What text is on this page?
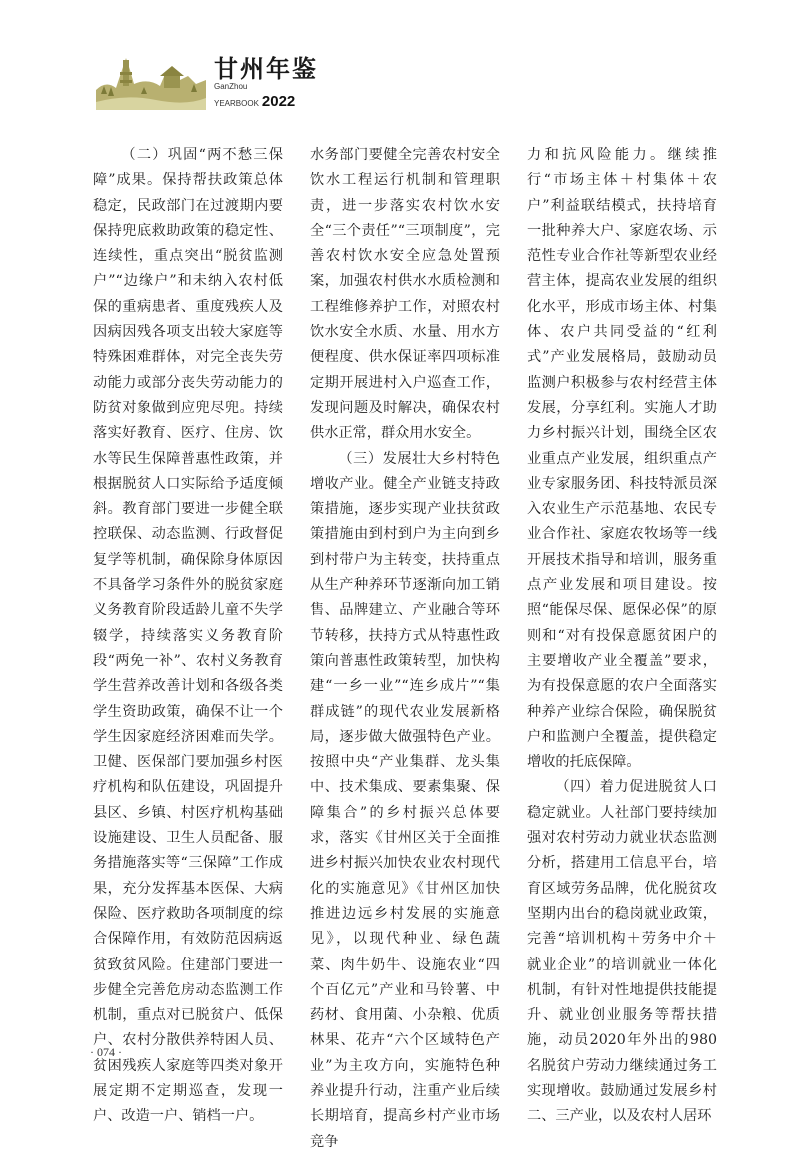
甘州年鉴
GanZhou
YEARBOOK 2022

（二）巩固“两不愁三保障”成果。保持帮扶政策总体稳定，民政部门在过渡期内要保持兜底救助政策的稳定性、连续性，重点突出“脱贫监测户”“边缘户”和未纳入农村低保的重病患者、重度残疾人及因病因残各项支出较大家庭等特殊困难群体，对完全丧失劳动能力或部分丧失劳动能力的防贫对象做到应兜尽兜。持续落实好教育、医疗、住房、饮水等民生保障普惠性政策，并根据脱贫人口实际给予适度倾斜。教育部门要进一步健全联控联保、动态监测、行政督促复学等机制，确保除身体原因不具备学习条件外的脱贫家庭义务教育阶段适龄儿童不失学辍学，持续落实义务教育阶段“两免一补”、农村义务教育学生营养改善计划和各级各类学生资助政策，确保不让一个学生因家庭经济困难而失学。卫健、医保部门要加强乡村医疗机构和队伍建设，巩固提升县区、乡镇、村医疗机构基础设施建设、卫生人员配备、服务措施落实等“三保障”工作成果，充分发挥基本医保、大病保险、医疗救助各项制度的综合保障作用，有效防范因病返贫致贫风险。住建部门要进一步健全完善危房动态监测工作机制，重点对已脱贫户、低保户、农村分散供养特困人员、贫困残疾人家庭等四类对象开展定期不定期巡查，发现一户、改造一户、销档一户。

水务部门要健全完善农村安全饮水工程运行机制和管理职责，进一步落实农村饮水安全“三个责任”“三项制度”，完善农村饮水安全应急处置预案，加强农村供水水质检测和工程维修养护工作，对照农村饮水安全水质、水量、用水方便程度、供水保证率四项标准定期开展进村入户巡查工作，发现问题及时解决，确保农村供水正常，群众用水安全。

（三）发展壮大乡村特色增收产业。健全产业链支持政策措施，逐步实现产业扶贫政策措施由到村到户为主向到乡到村带户为主转变，扶持重点从生产种养环节逐渐向加工销售、品牌建立、产业融合等环节转移，扶持方式从特惠性政策向普惠性政策转型，加快构建“一乡一业”“连乡成片”“集群成链”的现代农业发展新格局，逐步做大做强特色产业。按照中央“产业集群、龙头集中、技术集成、要素集聚、保障集合”的乡村振兴总体要求，落实《甘州区关于全面推进乡村振兴加快农业农村现代化的实施意见》《甘州区加快推进边远乡村发展的实施意见》，以现代种业、绿色蔬菜、肉牛奶牛、设施农业“四个百亿元”产业和马铃薯、中药材、食用菌、小杂粮、优质林果、花卉“六个区域特色产业”为主攻方向，实施特色种养业提升行动，注重产业后续长期培育，提高乡村产业市场竞争

力和抗风险能力。继续推行“市场主体＋村集体＋农户”利益联结模式，扶持培育一批种养大户、家庭农场、示范性专业合作社等新型农业经营主体，提高农业发展的组织化水平，形成市场主体、村集体、农户共同受益的“红利式”产业发展格局，鼓励动员监测户积极参与农村经营主体发展，分享红利。实施人才助力乡村振兴计划，围绕全区农业重点产业发展，组织重点产业专家服务团、科技特派员深入农业生产示范基地、农民专业合作社、家庭农牧场等一线开展技术指导和培训，服务重点产业发展和项目建设。按照“能保尽保、愿保必保”的原则和“对有投保意愿贫困户的主要增收产业全覆盖”要求，为有投保意愿的农户全面落实种养产业综合保险，确保脱贫户和监测户全覆盖，提供稳定增收的托底保障。

（四）着力促进脱贫人口稳定就业。人社部门要持续加强对农村劳动力就业状态监测分析，搭建用工信息平台，培育区域劳务品牌，优化脱贫攻坚期内出台的稳岗就业政策，完善“培训机构＋劳务中介＋就业企业”的培训就业一体化机制，有针对性地提供技能提升、就业创业服务等帮扶措施，动员2020年外出的980名脱贫户劳动力继续通过务工实现增收。鼓励通过发展乡村二、三产业，以及农村人居环

· 074 ·
